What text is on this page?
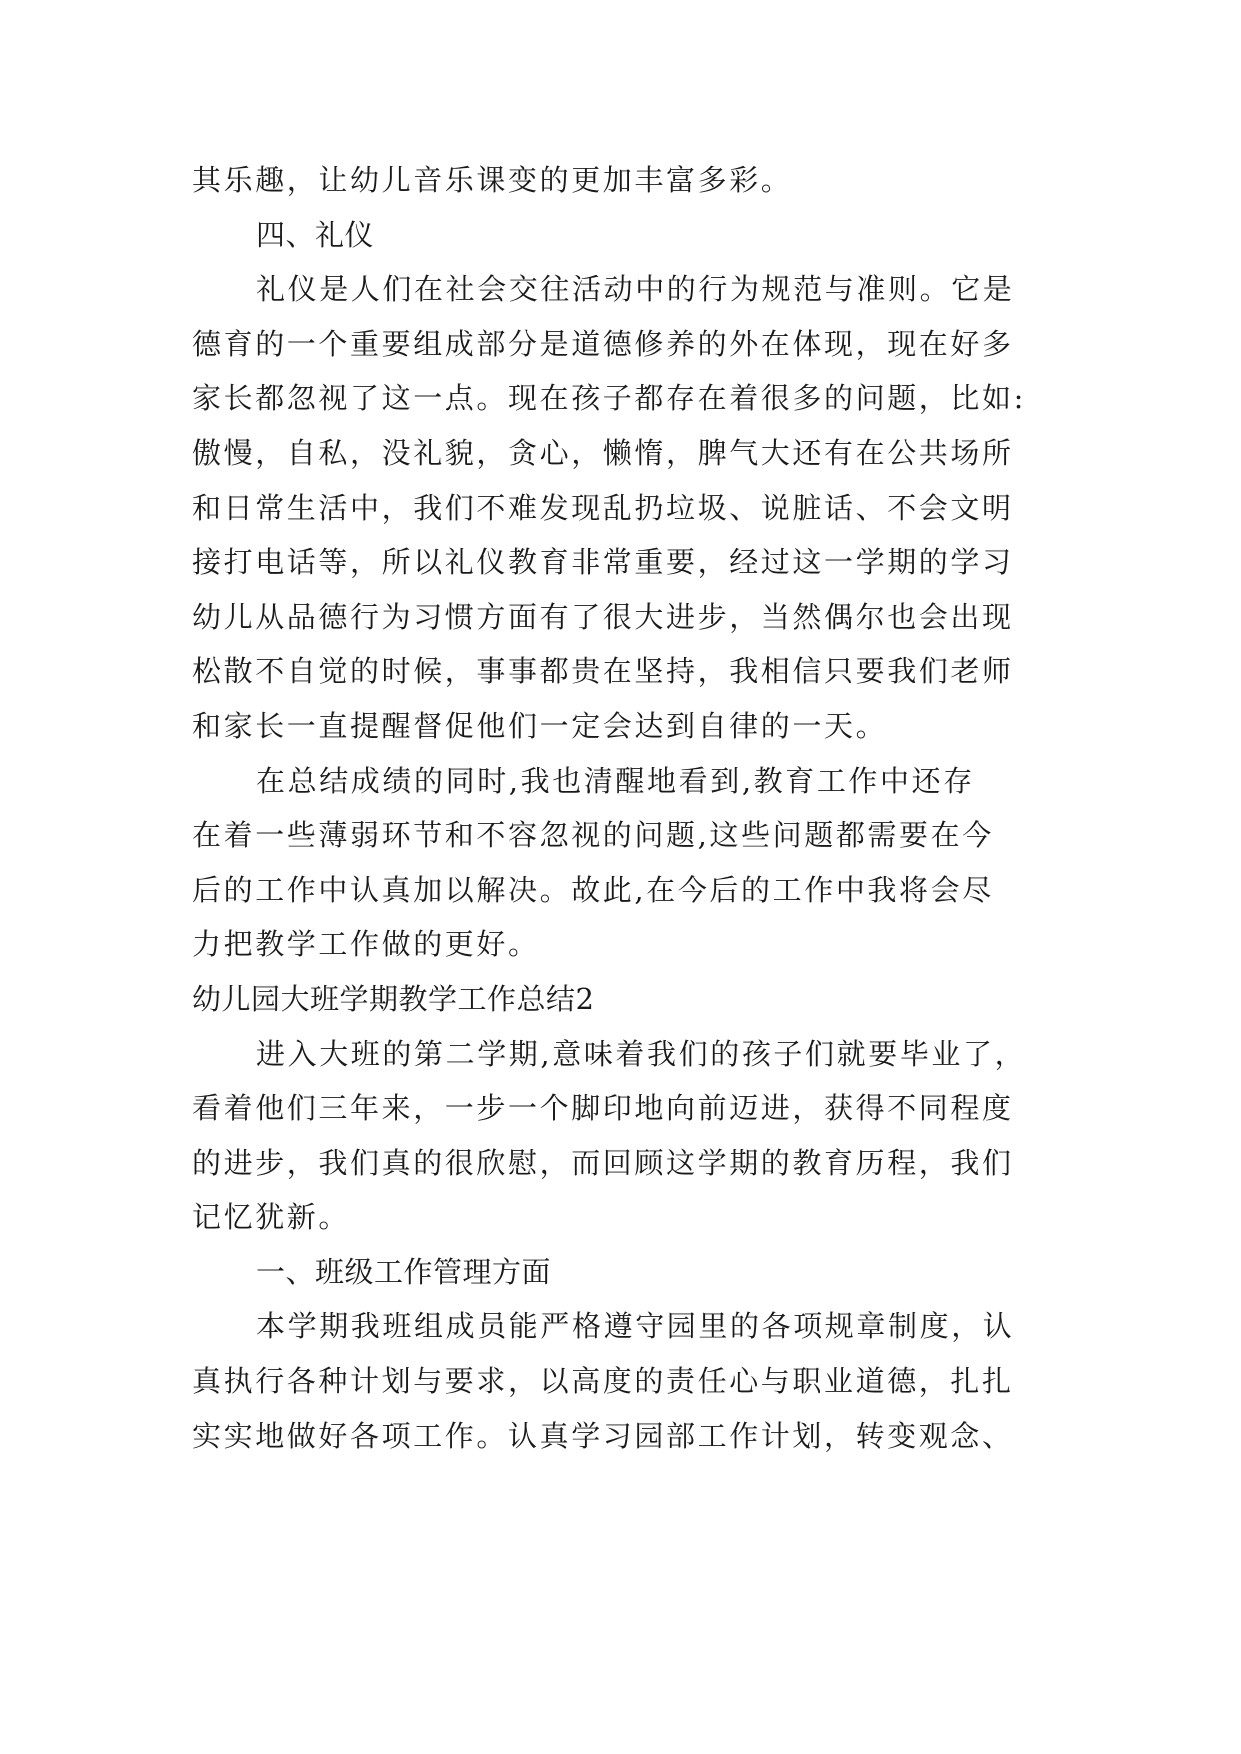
其乐趣，让幼儿音乐课变的更加丰富多彩。
四、礼仪
礼仪是人们在社会交往活动中的行为规范与准则。它是
德育的一个重要组成部分是道德修养的外在体现，现在好多
家长都忽视了这一点。现在孩子都存在着很多的问题，比如:
傲慢，自私，没礼貌，贪心，懒惰，脾气大还有在公共场所
和日常生活中，我们不难发现乱扔垃圾、说脏话、不会文明
接打电话等，所以礼仪教育非常重要，经过这一学期的学习
幼儿从品德行为习惯方面有了很大进步，当然偶尔也会出现
松散不自觉的时候，事事都贵在坚持，我相信只要我们老师
和家长一直提醒督促他们一定会达到自律的一天。
在总结成绩的同时,我也清醒地看到,教育工作中还存
在着一些薄弱环节和不容忽视的问题,这些问题都需要在今
后的工作中认真加以解决。故此,在今后的工作中我将会尽
力把教学工作做的更好。
幼儿园大班学期教学工作总结2
进入大班的第二学期,意味着我们的孩子们就要毕业了，
看着他们三年来，一步一个脚印地向前迈进，获得不同程度
的进步，我们真的很欣慰，而回顾这学期的教育历程，我们
记忆犹新。
一、班级工作管理方面
本学期我班组成员能严格遵守园里的各项规章制度，认
真执行各种计划与要求，以高度的责任心与职业道德，扎扎
实实地做好各项工作。认真学习园部工作计划，转变观念、
